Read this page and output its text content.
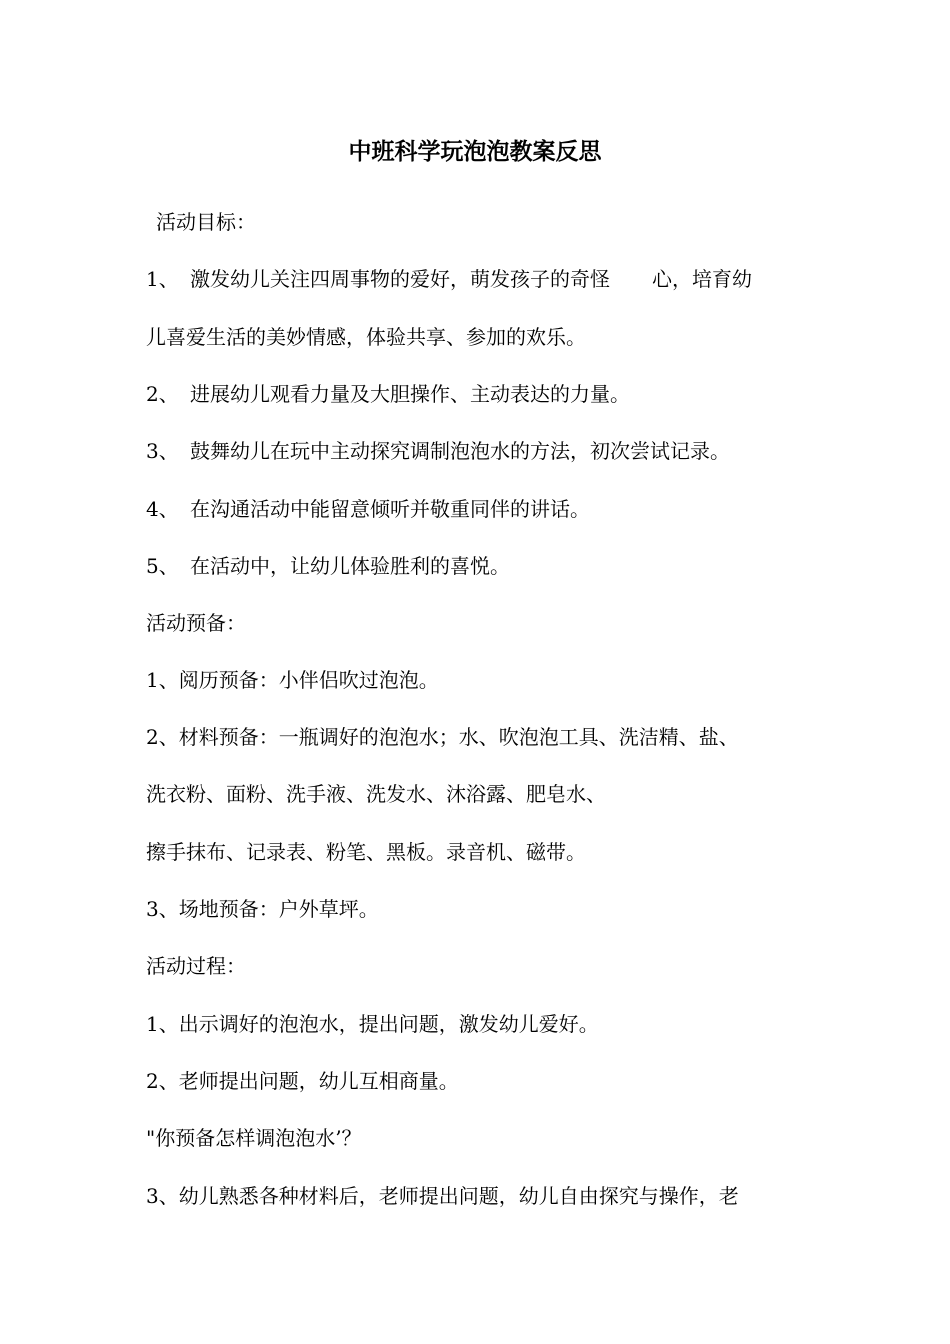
中班科学玩泡泡教案反思
活动目标：
1、 激发幼儿关注四周事物的爱好，萌发孩子的奇怪 心，培育幼
儿喜爱生活的美妙情感，体验共享、参加的欢乐。
2、 进展幼儿观看力量及大胆操作、主动表达的力量。
3、 鼓舞幼儿在玩中主动探究调制泡泡水的方法，初次尝试记录。
4、 在沟通活动中能留意倾听并敬重同伴的讲话。
5、 在活动中，让幼儿体验胜利的喜悦。
活动预备：
1、阅历预备：小伴侣吹过泡泡。
2、材料预备：一瓶调好的泡泡水；水、吹泡泡工具、洗洁精、盐、
洗衣粉、面粉、洗手液、洗发水、沐浴露、肥皂水、
擦手抹布、记录表、粉笔、黑板。录音机、磁带。
3、场地预备：户外草坪。
活动过程：
1、出示调好的泡泡水，提出问题，激发幼儿爱好。
2、老师提出问题，幼儿互相商量。
"你预备怎样调泡泡水’？
3、幼儿熟悉各种材料后，老师提出问题，幼儿自由探究与操作，老
